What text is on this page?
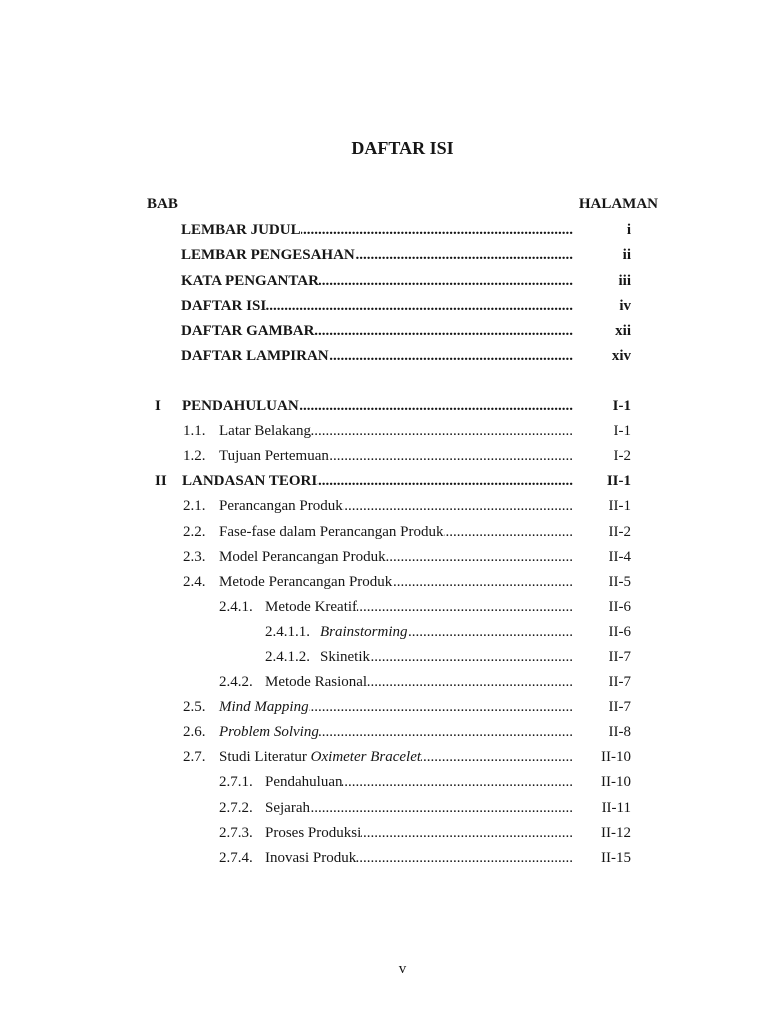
DAFTAR ISI
BAB	HALAMAN
LEMBAR JUDUL .....	i
LEMBAR PENGESAHAN .....	ii
KATA PENGANTAR .....	iii
DAFTAR ISI .....	iv
DAFTAR GAMBAR .....	xii
DAFTAR LAMPIRAN .....	xiv
I PENDAHULUAN .....	I-1
1.1. Latar Belakang .....	I-1
1.2. Tujuan Pertemuan .....	I-2
II LANDASAN TEORI .....	II-1
2.1. Perancangan Produk .....	II-1
2.2. Fase-fase dalam Perancangan Produk .....	II-2
2.3. Model Perancangan Produk .....	II-4
2.4. Metode Perancangan Produk .....	II-5
2.4.1. Metode Kreatif .....	II-6
2.4.1.1. Brainstorming .....	II-6
2.4.1.2. Skinetik .....	II-7
2.4.2. Metode Rasional .....	II-7
2.5. Mind Mapping .....	II-7
2.6. Problem Solving .....	II-8
2.7. Studi Literatur Oximeter Bracelet .....	II-10
2.7.1. Pendahuluan .....	II-10
2.7.2. Sejarah .....	II-11
2.7.3. Proses Produksi .....	II-12
2.7.4. Inovasi Produk .....	II-15
v
